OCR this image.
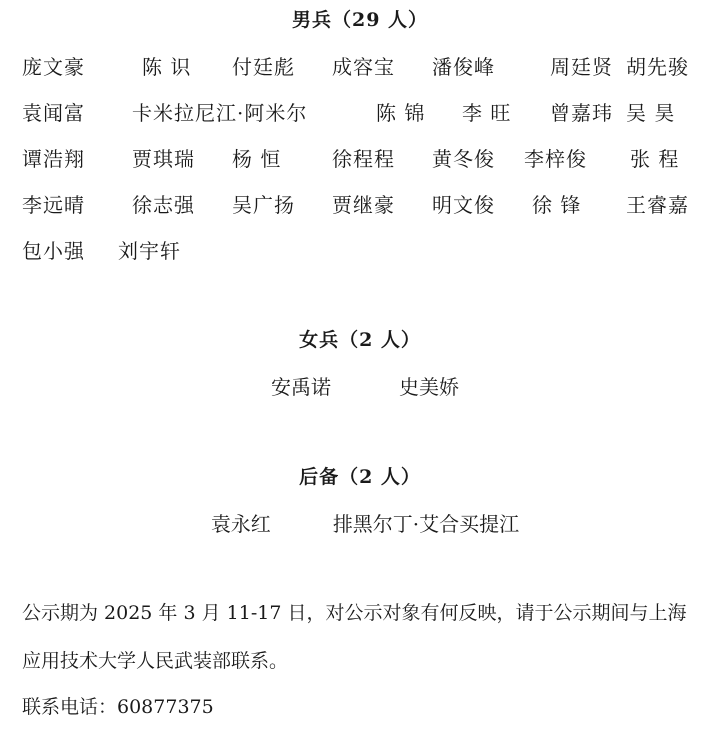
男兵（29 人）
庞文豪	陈 识	付廷彪	成容宝	潘俊峰	周廷贤 胡先骏
袁闻富	卡米拉尼江·阿米尔	陈 锦	李 旺	曾嘉玮 吴 昊
谭浩翔	贾琪瑞	杨 恒	徐程程	黄冬俊	李梓俊	张 程
李远晴	徐志强	吴广扬	贾继豪	明文俊	徐 锋	王睿嘉
包小强	刘宇轩
女兵（2 人）
安禹诺	史美娇
后备（2 人）
袁永红	排黑尔丁·艾合买提江
公示期为 2025 年 3 月 11-17 日，对公示对象有何反映，请于公示期间与上海
应用技术大学人民武装部联系。
联系电话：60877375
